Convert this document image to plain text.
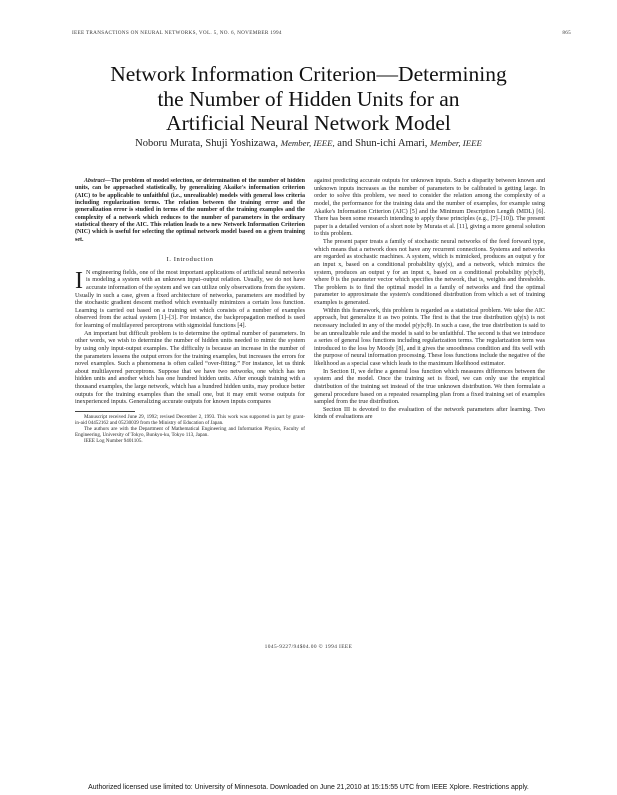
IEEE TRANSACTIONS ON NEURAL NETWORKS, VOL. 5, NO. 6, NOVEMBER 1994	865
Network Information Criterion—Determining
the Number of Hidden Units for an
Artificial Neural Network Model
Noboru Murata, Shuji Yoshizawa, Member, IEEE, and Shun-ichi Amari, Member, IEEE

Abstract—The problem of model selection, or determination of the number of hidden units, can be approached statistically, by generalizing Akaike's information criterion (AIC) to be applicable to unfaithful (i.e., unrealizable) models with general loss criteria including regularization terms. The relation between the training error and the generalization error is studied in terms of the number of the training examples and the complexity of a network which reduces to the number of parameters in the ordinary statistical theory of the AIC. This relation leads to a new Network Information Criterion (NIC) which is useful for selecting the optimal network model based on a given training set.

I. Introduction

I N engineering fields, one of the most important applications of artificial neural networks is modeling a system with an unknown input–output relation. Usually, we do not have accurate information of the system and we can utilize only observations from the system. Usually in such a case, given a fixed architecture of networks, parameters are modified by the stochastic gradient descent method which eventually minimizes a certain loss function. Learning is carried out based on a training set which consists of a number of examples observed from the actual system [1]–[3]. For instance, the backpropagation method is used for learning of multilayered perceptrons with sigmoidal functions [4].

An important but difficult problem is to determine the optimal number of parameters. In other words, we wish to determine the number of hidden units needed to mimic the system by using only input-output examples. The difficulty is because an increase in the number of the parameters lessens the output errors for the training examples, but increases the errors for novel examples. Such a phenomena is often called “over-fitting.” For instance, let us think about multilayered perceptrons. Suppose that we have two networks, one which has ten hidden units and another which has one hundred hidden units. After enough training with a thousand examples, the large network, which has a hundred hidden units, may produce better outputs for the training examples than the small one, but it may emit worse outputs for inexperienced inputs. Generalizing accurate outputs for known inputs compares

Manuscript received June 29, 1992; revised December 2, 1993. This work was supported in part by grant-in-aid 04452162 and 05230039 from the Ministry of Education of Japan.

The authors are with the Department of Mathematical Engineering and Information Physics, Faculty of Engineering, University of Tokyo, Bunkyo-ku, Tokyo 113, Japan.

IEEE Log Number 9401105.

against predicting accurate outputs for unknown inputs. Such a disparity between known and unknown inputs increases as the number of parameters to be calibrated is getting large. In order to solve this problem, we need to consider the relation among the complexity of a model, the performance for the training data and the number of examples, for example using Akaike's Information Criterion (AIC) [5] and the Minimum Description Length (MDL) [6]. There has been some research intending to apply these principles (e.g., [7]–[10]). The present paper is a detailed version of a short note by Murata et al. [11], giving a more general solution to this problem.

The present paper treats a family of stochastic neural networks of the feed forward type, which means that a network does not have any recurrent connections. Systems and networks are regarded as stochastic machines. A system, which is mimicked, produces an output y for an input x, based on a conditional probability q(y|x), and a network, which mimics the system, produces an output y for an input x, based on a conditional probability p(y|x;θ), where θ is the parameter vector which specifies the network, that is, weights and thresholds. The problem is to find the optimal model in a family of networks and find the optimal parameter to approximate the system's conditioned distribution from which a set of training examples is generated.

Within this framework, this problem is regarded as a statistical problem. We take the AIC approach, but generalize it as two points. The first is that the true distribution q(y|x) is not necessary included in any of the model p(y|x;θ). In such a case, the true distribution is said to be an unrealizable rule and the model is said to be unfaithful. The second is that we introduce a series of general loss functions including regularization terms. The regularization term was introduced to the loss by Moody [8], and it gives the smoothness condition and fits well with the purpose of neural information processing. These loss functions include the negative of the likelihood as a special case which leads to the maximum likelihood estimator.

In Section II, we define a general loss function which measures differences between the system and the model. Once the training set is fixed, we can only use the empirical distribution of the training set instead of the true unknown distribution. We then formulate a general procedure based on a repeated resampling plan from a fixed training set of examples sampled from the true distribution.

Section III is devoted to the evaluation of the network parameters after learning. Two kinds of evaluations are

1045-9227/94$04.00 © 1994 IEEE
Authorized licensed use limited to: University of Minnesota. Downloaded on June 21,2010 at 15:15:55 UTC from IEEE Xplore. Restrictions apply.
